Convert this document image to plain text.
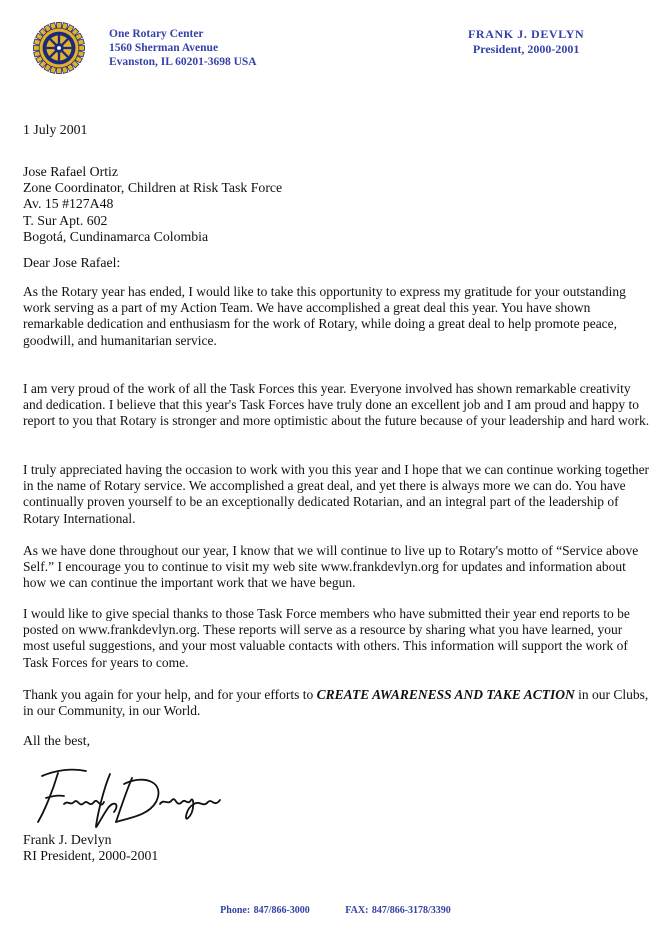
One Rotary Center
1560 Sherman Avenue
Evanston, IL 60201-3698 USA
FRANK J. DEVLYN
President, 2000-2001
1 July 2001
Jose Rafael Ortiz
Zone Coordinator, Children at Risk Task Force
Av. 15 #127A48
T. Sur Apt. 602
Bogotá, Cundinamarca Colombia
Dear Jose Rafael:
As the Rotary year has ended, I would like to take this opportunity to express my gratitude for your outstanding work serving as a part of my Action Team. We have accomplished a great deal this year. You have shown remarkable dedication and enthusiasm for the work of Rotary, while doing a great deal to help promote peace, goodwill, and humanitarian service.
I am very proud of the work of all the Task Forces this year. Everyone involved has shown remarkable creativity and dedication. I believe that this year's Task Forces have truly done an excellent job and I am proud and happy to report to you that Rotary is stronger and more optimistic about the future because of your leadership and hard work.
I truly appreciated having the occasion to work with you this year and I hope that we can continue working together in the name of Rotary service. We accomplished a great deal, and yet there is always more we can do. You have continually proven yourself to be an exceptionally dedicated Rotarian, and an integral part of the leadership of Rotary International.
As we have done throughout our year, I know that we will continue to live up to Rotary's motto of “Service above Self.” I encourage you to continue to visit my web site www.frankdevlyn.org for updates and information about how we can continue the important work that we have begun.
I would like to give special thanks to those Task Force members who have submitted their year end reports to be posted on www.frankdevlyn.org. These reports will serve as a resource by sharing what you have learned, your most useful suggestions, and your most valuable contacts with others. This information will support the work of Task Forces for years to come.
Thank you again for your help, and for your efforts to CREATE AWARENESS AND TAKE ACTION in our Clubs, in our Community, in our World.
All the best,
Frank J. Devlyn
RI President, 2000-2001
Phone: 847/866-3000	FAX: 847/866-3178/3390
